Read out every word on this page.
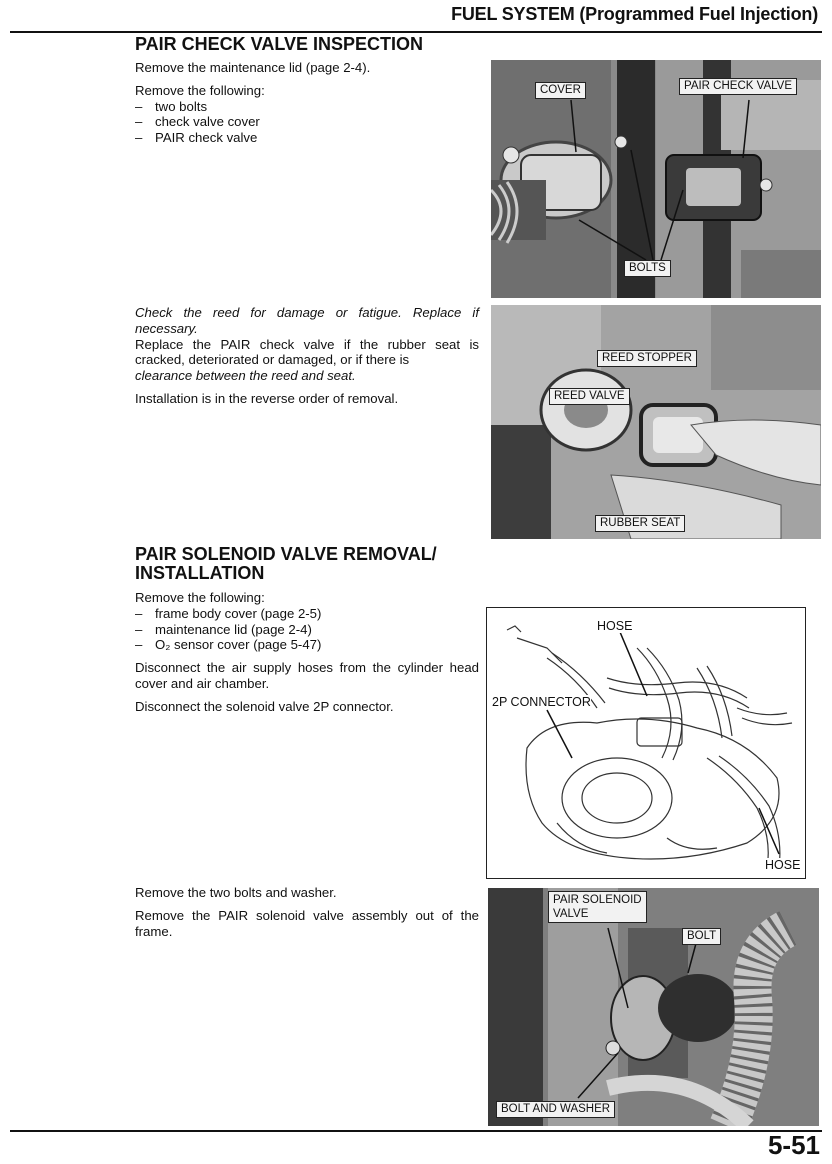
FUEL SYSTEM (Programmed Fuel Injection)
PAIR CHECK VALVE INSPECTION

Remove the maintenance lid (page 2-4).

Remove the following:
– two bolts
– check valve cover
– PAIR check valve
Check the reed for damage or fatigue. Replace if necessary.
Replace the PAIR check valve if the rubber seat is cracked, deteriorated or damaged, or if there is
clearance between the reed and seat.
Installation is in the reverse order of removal.
COVER	PAIR CHECK VALVE
BOLTS
REED STOPPER
REED VALVE
RUBBER SEAT
PAIR SOLENOID VALVE REMOVAL/
INSTALLATION
Remove the following:
– frame body cover (page 2-5)
– maintenance lid (page 2-4)
– O₂ sensor cover (page 5-47)

Disconnect the air supply hoses from the cylinder head cover and air chamber.

Disconnect the solenoid valve 2P connector.

HOSE
2P CONNECTOR
HOSE

Remove the two bolts and washer.

Remove the PAIR solenoid valve assembly out of the frame.

PAIR SOLENOID
VALVE
BOLT
BOLT AND WASHER
5-51
